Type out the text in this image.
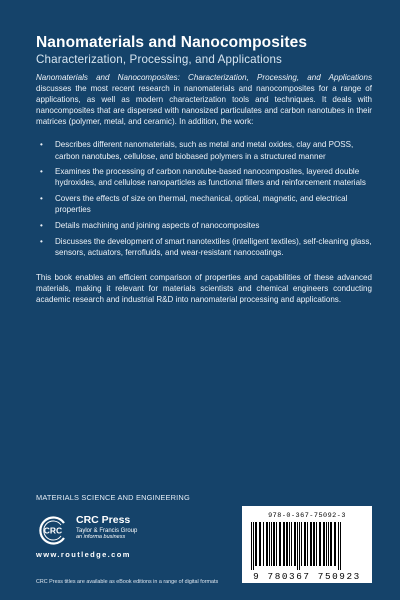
Nanomaterials and Nanocomposites
Characterization, Processing, and Applications

Nanomaterials and Nanocomposites: Characterization, Processing, and Applications discusses the most recent research in nanomaterials and nanocomposites for a range of applications, as well as modern characterization tools and techniques. It deals with nanocomposites that are dispersed with nanosized particulates and carbon nanotubes in their matrices (polymer, metal, and ceramic). In addition, the work:

• Describes different nanomaterials, such as metal and metal oxides, clay and POSS, carbon nanotubes, cellulose, and biobased polymers in a structured manner
• Examines the processing of carbon nanotube-based nanocomposites, layered double hydroxides, and cellulose nanoparticles as functional fillers and reinforcement materials
• Covers the effects of size on thermal, mechanical, optical, magnetic, and electrical properties
• Details machining and joining aspects of nanocomposites
• Discusses the development of smart nanotextiles (intelligent textiles), self-cleaning glass, sensors, actuators, ferrofluids, and wear-resistant nanocoatings.

This book enables an efficient comparison of properties and capabilities of these advanced materials, making it relevant for materials scientists and chemical engineers conducting academic research and industrial R&D into nanomaterial processing and applications.

MATERIALS SCIENCE AND ENGINEERING
CRC
CRC Press
Taylor & Francis Group
an informa business
www.routledge.com
CRC Press titles are available as eBook editions in a range of digital formats
978-0-367-75092-3
9 780367 750923
